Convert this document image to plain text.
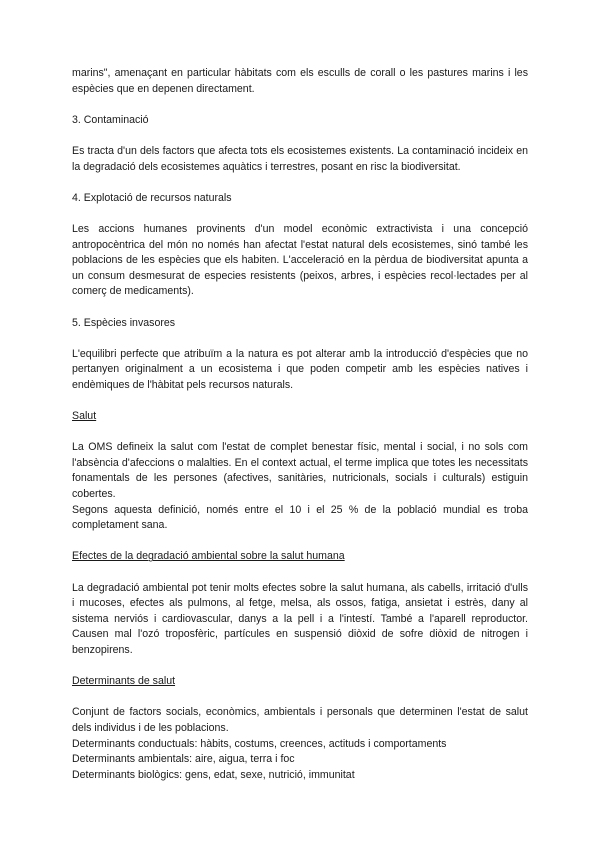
marins", amenaçant en particular hàbitats com els esculls de corall o les pastures marins i les espècies que en depenen directament.

3. Contaminació

Es tracta d'un dels factors que afecta tots els ecosistemes existents. La contaminació incideix en la degradació dels ecosistemes aquàtics i terrestres, posant en risc la biodiversitat.

4. Explotació de recursos naturals

Les accions humanes provinents d'un model econòmic extractivista i una concepció antropocèntrica del món no només han afectat l'estat natural dels ecosistemes, sinó també les poblacions de les espècies que els habiten. L'acceleració en la pèrdua de biodiversitat apunta a un consum desmesurat de especies resistents (peixos, arbres, i espècies recol·lectades per al comerç de medicaments).

5. Espècies invasores

L'equilibri perfecte que atribuïm a la natura es pot alterar amb la introducció d'espècies que no pertanyen originalment a un ecosistema i que poden competir amb les espècies natives i endèmiques de l'hàbitat pels recursos naturals.

Salut

La OMS defineix la salut com l'estat de complet benestar físic, mental i social, i no sols com l'absència d'afeccions o malalties. En el context actual, el terme implica que totes les necessitats fonamentals de les persones (afectives, sanitàries, nutricionals, socials i culturals) estiguin cobertes.

Segons aquesta definició, només entre el 10 i el 25 % de la població mundial es troba completament sana.

Efectes de la degradació ambiental sobre la salut humana

La degradació ambiental pot tenir molts efectes sobre la salut humana, als cabells, irritació d'ulls i mucoses, efectes als pulmons, al fetge, melsa, als ossos, fatiga, ansietat i estrès, dany al sistema nerviós i cardiovascular, danys a la pell i a l'intestí. També a l'aparell reproductor. Causen mal l'ozó troposfèric, partícules en suspensió diòxid de sofre diòxid de nitrogen i benzopirens.

Determinants de salut

Conjunt de factors socials, econòmics, ambientals i personals que determinen l'estat de salut dels individus i de les poblacions.

Determinants conductuals: hàbits, costums, creences, actituds i comportaments

Determinants ambientals: aire, aigua, terra i foc

Determinants biològics: gens, edat, sexe, nutrició, immunitat
